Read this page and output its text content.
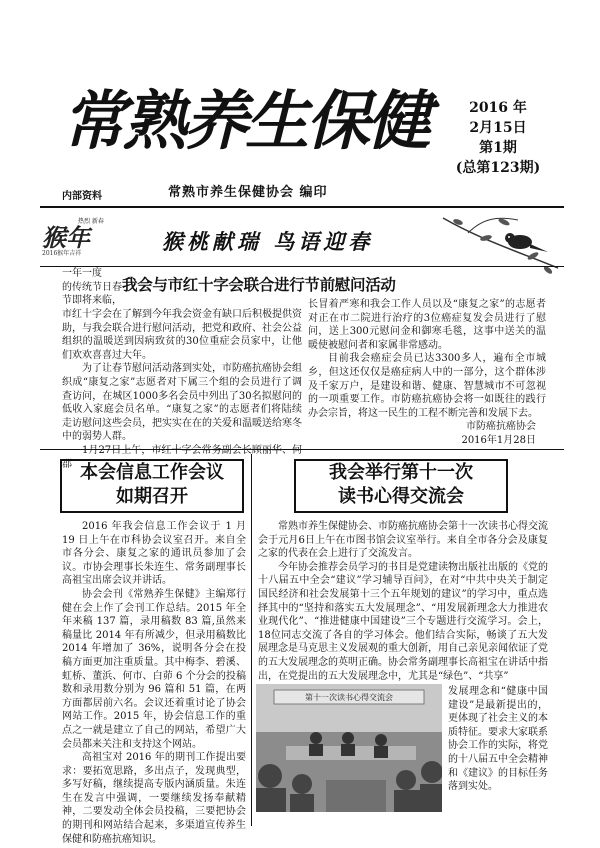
常熟养生保健	2016 年
2月15日
第1期
(总第123期)
内部资料	常熟市养生保健协会 编印
热烈 新春
猴年
2016猴年吉祥	猴桃献瑞 鸟语迎春
我会与市红十字会联合进行节前慰问活动

一年一度

的传统节日春

节即将来临，

市红十字会在了解到今年我会资金有缺口后积极提供资助，与我会联合进行慰问活动，把党和政府、社会公益组织的温暖送到因病致贫的30位重症会员家中，让他们欢欢喜喜过大年。

为了让春节慰问活动落到实处，市防癌抗癌协会组织成“康复之家”志愿者对下属三个组的会员进行了调查访问，在城区1000多名会员中列出了30名拟慰问的低收入家庭会员名单。“康复之家”的志愿者们将陆续走访慰问这些会员，把实实在在的关爱和温暖送给寒冬中的弱势人群。

1月27日上午，市红十字会常务副会长顾丽华、何郡

长冒着严寒和我会工作人员以及“康复之家”的志愿者对正在市二院进行治疗的3位癌症复发会员进行了慰问，送上300元慰问金和御寒毛毯，这事中送关的温暖使被慰问者和家属非常感动。

目前我会癌症会员已达3300多人，遍布全市城乡，但这还仅仅是癌症病人中的一部分，这个群体涉及千家万户，是建设和谐、健康、智慧城市不可忽视的一项重要工作。市防癌抗癌协会将一如既往的践行办会宗旨，将这一民生的工程不断完善和发展下去。

市防癌抗癌协会

2016年1月28日

本会信息工作会议
如期召开

2016 年我会信息工作会议于 1 月 19 日上午在市科协会议室召开。来自全市各分会、康复之家的通讯员参加了会议。市协会理事长朱连生、常务副理事长高祖宝出席会议并讲话。

协会会刊《常熟养生保健》主编郑行健在会上作了会刊工作总结。2015 年全年来稿 137 篇，录用稿数 83 篇,虽然来稿量比 2014 年有所减少，但录用稿数比 2014 年增加了 36%，说明各分会在投稿方面更加注重质量。其中梅李、碧溪、虹桥、董浜、何市、白茆 6 个分会的投稿数和录用数分别为 96 篇和 51 篇，在两方面都居前六名。会议还着重讨论了协会网站工作。2015 年，协会信息工作的重点之一就是建立了自己的网站，希望广大会员都来关注和支持这个网站。

高祖宝对 2016 年的期刊工作提出要求：要拓宽思路，多出点子，发现典型，多写好稿，继续提高专版内涵质量。朱连生在发言中强调，一要继续发扬奉献精神，二要发动全体会员投稿，三要把协会的期刊和网站结合起来，多渠道宣传养生保健和防癌抗癌知识。

我会举行第十一次
读书心得交流会

常熟市养生保健协会、市防癌抗癌协会第十一次读书心得交流会于元月6日上午在市图书馆会议室举行。来自全市各分会及康复之家的代表在会上进行了交流发言。

今年协会推荐会员学习的书目是党建读物出版社出版的《党的十八届五中全会“建议”学习辅导百问》，在对“中共中央关于制定国民经济和社会发展第十三个五年规划的建议”的学习中，重点选择其中的“坚持和落实五大发展理念”、“用发展新理念大力推进农业现代化”、“推进健康中国建设”三个专题进行交流学习。会上，18位同志交流了各自的学习体会。他们结合实际，畅谈了五大发展理念是马克思主义发展观的重大创新，用自己亲见亲闻依证了党的五大发展理念的英明正确。协会常务副理事长高祖宝在讲话中指出，在党提出的五大发展理念中，尤其是“绿色”、“共享”

第十一次读书心得交流会

发展理念和“健康中国建设”是最新提出的，更体现了社会主义的本质特征。要求大家联系协会工作的实际，将党的十八届五中全会精神和《建议》的目标任务落到实处。
